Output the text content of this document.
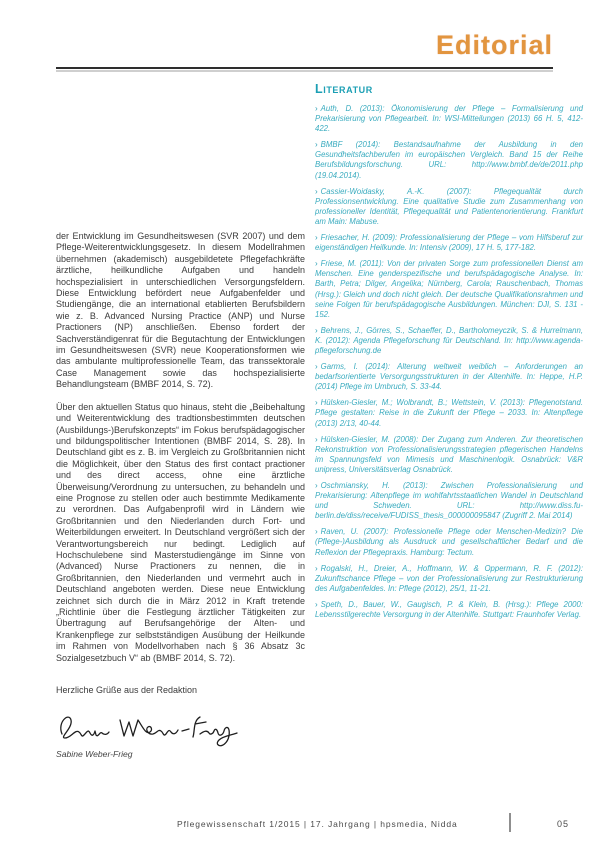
Editorial

der Entwicklung im Gesundheitswesen (SVR 2007) und dem Pflege-Weiterentwicklungsgesetz. In diesem Modellrahmen übernehmen (akademisch) ausgebildetete Pflegefachkräfte ärztliche, heilkundliche Aufgaben und handeln hochspezialisiert in unterschiedlichen Versorgungsfeldern. Diese Entwicklung befördert neue Aufgabenfelder und Studiengänge, die an international etablierten Berufsbildern wie z. B. Advanced Nursing Practice (ANP) und Nurse Practioners (NP) anschließen. Ebenso fordert der Sachverständigenrat für die Begutachtung der Entwicklungen im Gesundheitswesen (SVR) neue Kooperationsformen wie das ambulante multiprofessionelle Team, das transsektorale Case Management sowie das hochspezialisierte Behandlungsteam (BMBF 2014, S. 72).

Über den aktuellen Status quo hinaus, steht die „Beibehaltung und Weiterentwicklung des tradtionsbestimmten deutschen (Ausbildungs-)Berufskonzepts“ im Fokus berufspädagogischer und bildungspolitischer Intentionen (BMBF 2014, S. 28). In Deutschland gibt es z. B. im Vergleich zu Großbritannien nicht die Möglichkeit, über den Status des first contact practioner und des direct access, ohne eine ärztliche Überweisung/Verordnung zu untersuchen, zu behandeln und eine Prognose zu stellen oder auch bestimmte Medikamente zu verordnen. Das Aufgabenprofil wird in Ländern wie Großbritannien und den Niederlanden durch Fort- und Weiterbildungen erweitert. In Deutschland vergrößert sich der Verantwortungsbereich nur bedingt. Lediglich auf Hochschulebene sind Masterstudiengänge im Sinne von (Advanced) Nurse Practioners zu nennen, die in Großbritannien, den Niederlanden und vermehrt auch in Deutschland angeboten werden. Diese neue Entwicklung zeichnet sich durch die in März 2012 in Kraft tretende „Richtlinie über die Festlegung ärztlicher Tätigkeiten zur Übertragung auf Berufsangehörige der Alten- und Krankenpflege zur selbstständigen Ausübung der Heilkunde im Rahmen von Modellvorhaben nach § 36 Absatz 3c Sozialgesetzbuch V“ ab (BMBF 2014, S. 72).

Herzliche Grüße aus der Redaktion

Sabine Weber-Frieg

Literatur

› Auth, D. (2013): Ökonomisierung der Pflege – Formalisierung und Prekarisierung von Pflegearbeit. In: WSI-Mitteilungen (2013) 66 H. 5, 412-422.

› BMBF (2014): Bestandsaufnahme der Ausbildung in den Gesundheitsfachberufen im europäischen Vergleich. Band 15 der Reihe Berufsbildungsforschung. URL: http://www.bmbf.de/de/2011.php (19.04.2014).

› Cassier-Woidasky, A.-K. (2007): Pflegequalität durch Professionsentwicklung. Eine qualitative Studie zum Zusammenhang von professioneller Identität, Pflegequalität und Patientenorientierung. Frankfurt am Main: Mabuse.

› Friesacher, H. (2009): Professionalisierung der Pflege – vom Hilfsberuf zur eigenständigen Heilkunde. In: Intensiv (2009), 17 H. 5, 177-182.

› Friese, M. (2011): Von der privaten Sorge zum professionellen Dienst am Menschen. Eine genderspezifische und berufspädagogische Analyse. In: Barth, Petra; Dilger, Angelika; Nürnberg, Carola; Rauschenbach, Thomas (Hrsg.): Gleich und doch nicht gleich. Der deutsche Qualifikationsrahmen und seine Folgen für berufspädagogische Ausbildungen. München: DJI, S. 131 - 152.

› Behrens, J., Görres, S., Schaeffer, D., Bartholomeyczik, S. & Hurrelmann, K. (2012): Agenda Pflegeforschung für Deutschland. In: http://www.agenda-pflegeforschung.de

› Garms, I. (2014): Alterung weltweit weiblich – Anforderungen an bedarfsorientierte Versorgungsstrukturen in der Altenhilfe. In: Heppe, H.P. (2014) Pflege im Umbruch, S. 33-44.

› Hülsken-Giesler, M.; Wolbrandt, B.; Wettstein, V. (2013): Pflegenotstand. Pflege gestalten: Reise in die Zukunft der Pflege – 2033. In: Altenpflege (2013) 2/13, 40-44.

› Hülsken-Giesler, M. (2008): Der Zugang zum Anderen. Zur theoretischen Rekonstruktion von Professionalisierungsstrategien pflegerischen Handelns im Spannungsfeld von Mimesis und Maschinenlogik. Osnabrück: V&R unipress, Universitätsverlag Osnabrück.

› Oschmiansky, H. (2013): Zwischen Professionalisierung und Prekarisierung: Altenpflege im wohlfahrtsstaatlichen Wandel in Deutschland und Schweden. URL: http://www.diss.fu-berlin.de/diss/receive/FUDISS_thesis_000000095847 (Zugriff 2. Mai 2014)

› Raven, U. (2007): Professionelle Pflege oder Menschen-Medizin? Die (Pflege-)Ausbildung als Ausdruck und gesellschaftlicher Bedarf und die Reflexion der Pflegepraxis. Hamburg: Tectum.

› Rogalski, H., Dreier, A., Hoffmann, W. & Oppermann, R. F. (2012): Zukunftschance Pflege – von der Professionalisierung zur Restrukturierung des Aufgabenfeldes. In: Pflege (2012), 25/1, 11-21.

› Speth, D., Bauer, W., Gaugisch, P. & Klein, B. (Hrsg.): Pflege 2000: Lebensstilgerechte Versorgung in der Altenhilfe. Stuttgart: Fraunhofer Verlag.

Pflegewissenschaft 1/2015 | 17. Jahrgang | hpsmedia, Nidda	05
